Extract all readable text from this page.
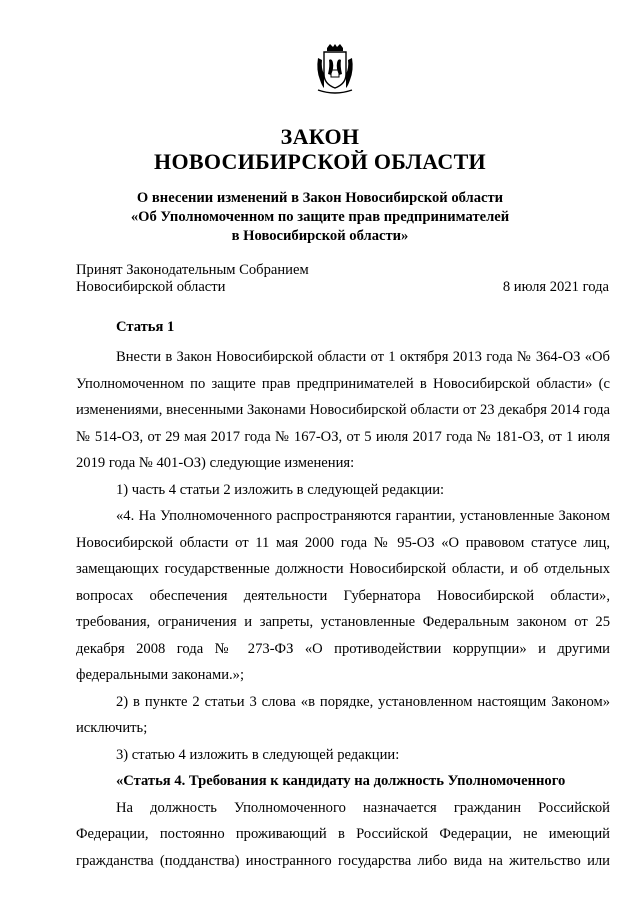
ЗАКОН
НОВОСИБИРСКОЙ ОБЛАСТИ
О внесении изменений в Закон Новосибирской области
«Об Уполномоченном по защите прав предпринимателей
в Новосибирской области»
Принят Законодательным Собранием
Новосибирской области	8 июля 2021 года

Статья 1

Внести в Закон Новосибирской области от 1 октября 2013 года № 364-ОЗ «Об Уполномоченном по защите прав предпринимателей в Новосибирской области» (с изменениями, внесенными Законами Новосибирской области от 23 декабря 2014 года № 514-ОЗ, от 29 мая 2017 года № 167-ОЗ, от 5 июля 2017 года № 181-ОЗ, от 1 июля 2019 года № 401-ОЗ) следующие изменения:

1) часть 4 статьи 2 изложить в следующей редакции:

«4. На Уполномоченного распространяются гарантии, установленные Законом Новосибирской области от 11 мая 2000 года № 95-ОЗ «О правовом статусе лиц, замещающих государственные должности Новосибирской области, и об отдельных вопросах обеспечения деятельности Губернатора Новосибирской области», требования, ограничения и запреты, установленные Федеральным законом от 25 декабря 2008 года № 273-ФЗ «О противодействии коррупции» и другими федеральными законами.»;

2) в пункте 2 статьи 3 слова «в порядке, установленном настоящим Законом» исключить;

3) статью 4 изложить в следующей редакции:

«Статья 4. Требования к кандидату на должность Уполномоченного

На должность Уполномоченного назначается гражданин Российской Федерации, постоянно проживающий в Российской Федерации, не имеющий гражданства (подданства) иностранного государства либо вида на жительство или
